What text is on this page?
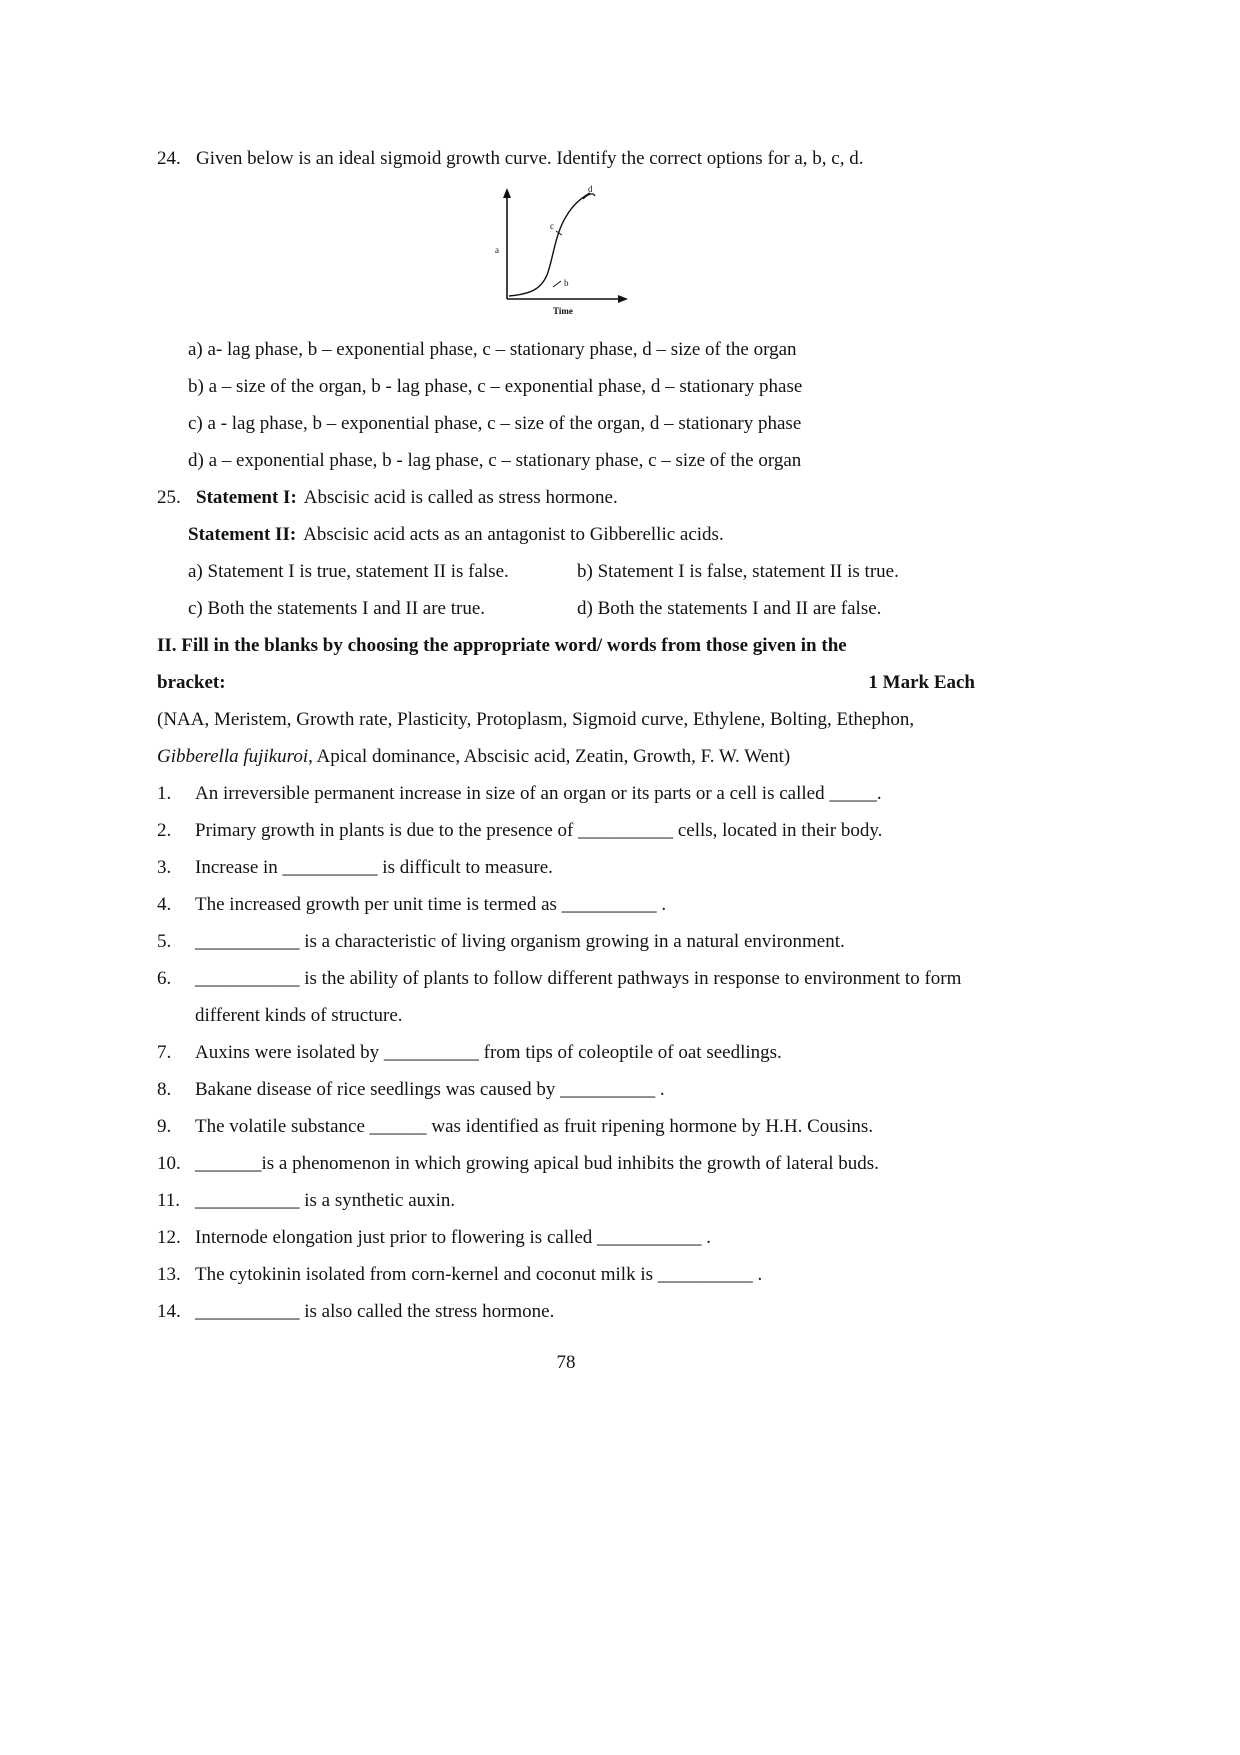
24. Given below is an ideal sigmoid growth curve. Identify the correct options for a, b, c, d.
a
b
c
d
Time
a) a- lag phase, b – exponential phase, c – stationary phase, d – size of the organ
b) a – size of the organ, b - lag phase, c – exponential phase, d – stationary phase
c) a - lag phase, b – exponential phase, c – size of the organ, d – stationary phase
d) a – exponential phase, b - lag phase, c – stationary phase, c – size of the organ
25. Statement I: Abscisic acid is called as stress hormone.
Statement II: Abscisic acid acts as an antagonist to Gibberellic acids.
a) Statement I is true, statement II is false.	b) Statement I is false, statement II is true.
c) Both the statements I and II are true.	d) Both the statements I and II are false.
II. Fill in the blanks by choosing the appropriate word/ words from those given in the
bracket:	1 Mark Each
(NAA, Meristem, Growth rate, Plasticity, Protoplasm, Sigmoid curve, Ethylene, Bolting, Ethephon, Gibberella fujikuroi, Apical dominance, Abscisic acid, Zeatin, Growth, F. W. Went)
1.	An irreversible permanent increase in size of an organ or its parts or a cell is called _____.
2.	Primary growth in plants is due to the presence of __________ cells, located in their body.
3.	Increase in __________ is difficult to measure.
4.	The increased growth per unit time is termed as __________ .
5.	___________ is a characteristic of living organism growing in a natural environment.
6.	___________ is the ability of plants to follow different pathways in response to environment to form different kinds of structure.
7.	Auxins were isolated by __________ from tips of coleoptile of oat seedlings.
8.	Bakane disease of rice seedlings was caused by __________ .
9.	The volatile substance ______ was identified as fruit ripening hormone by H.H. Cousins.
10. _______is a phenomenon in which growing apical bud inhibits the growth of lateral buds.
11. ___________ is a synthetic auxin.
12. Internode elongation just prior to flowering is called ___________ .
13. The cytokinin isolated from corn-kernel and coconut milk is __________ .
14. ___________ is also called the stress hormone.
78
